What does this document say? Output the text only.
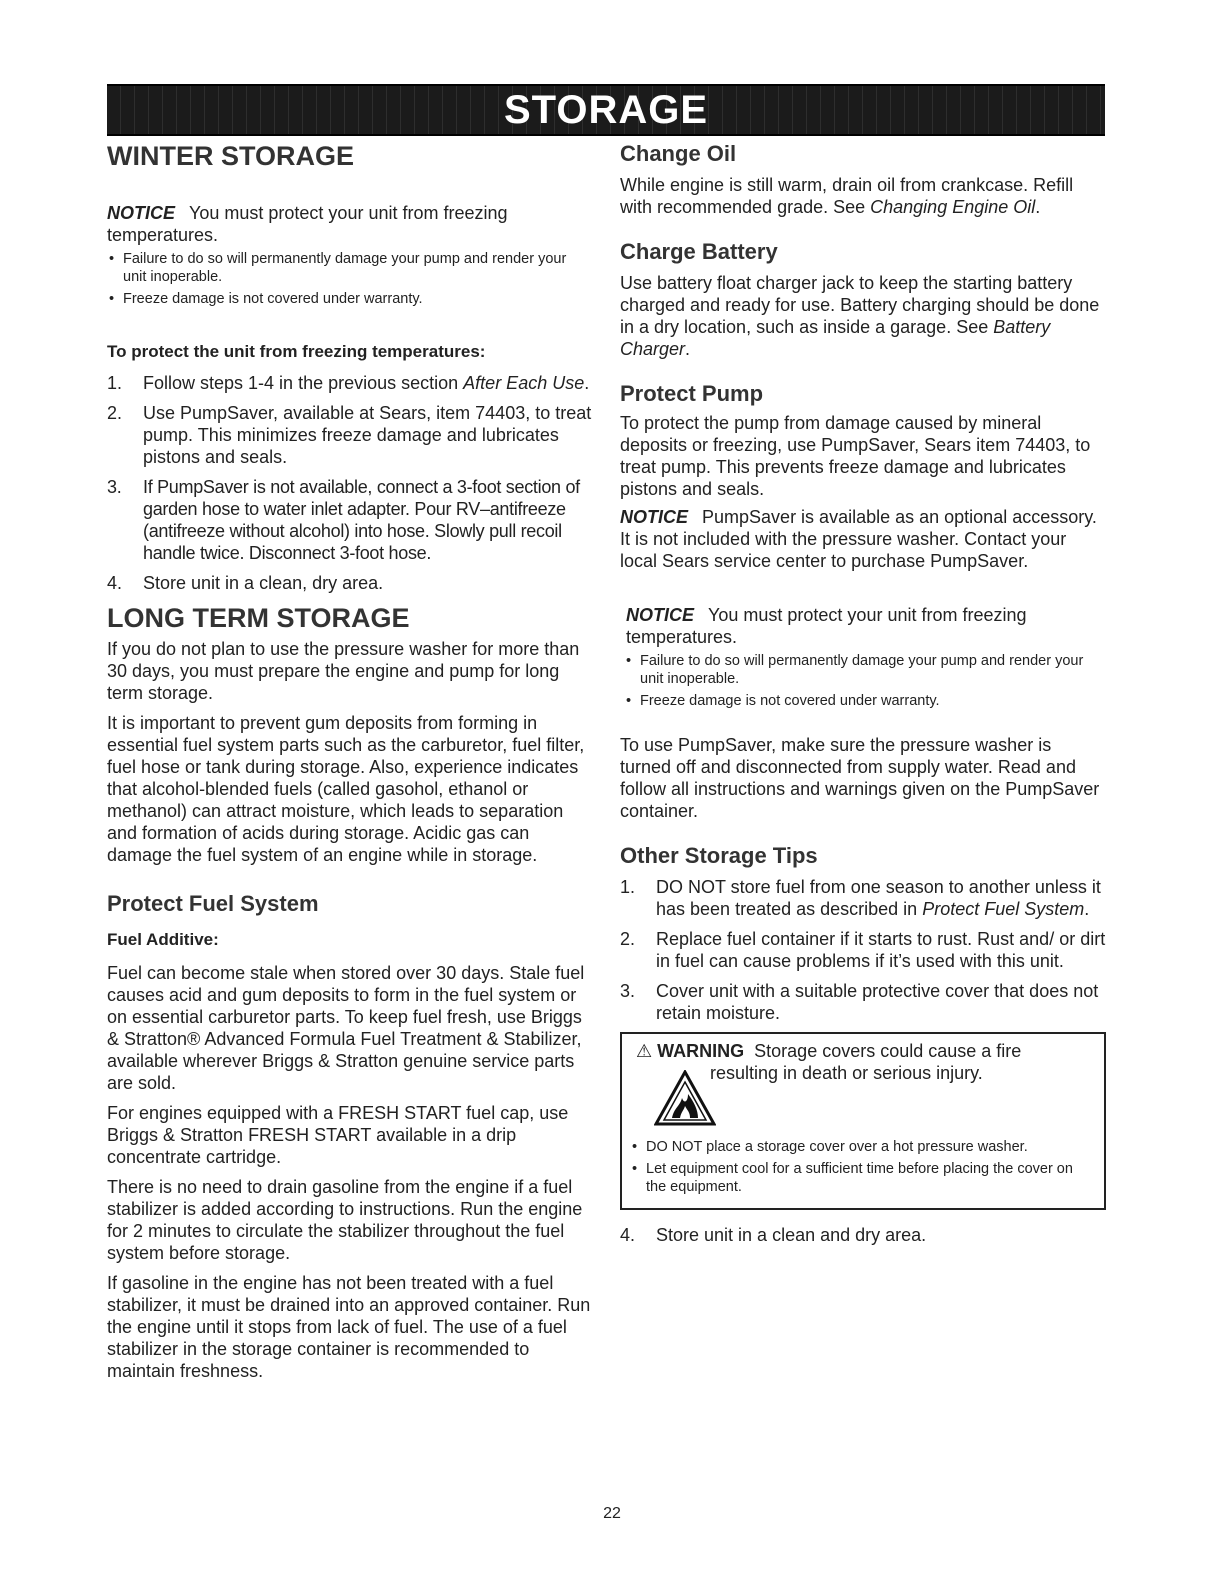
STORAGE
WINTER STORAGE

NOTICE You must protect your unit from freezing temperatures.

• Failure to do so will permanently damage your pump and render your unit inoperable.
• Freeze damage is not covered under warranty.
To protect the unit from freezing temperatures:
1. Follow steps 1-4 in the previous section After Each Use.
2. Use PumpSaver, available at Sears, item 74403, to treat pump. This minimizes freeze damage and lubricates pistons and seals.
3. If PumpSaver is not available, connect a 3-foot section of garden hose to water inlet adapter. Pour RV–antifreeze (antifreeze without alcohol) into hose. Slowly pull recoil handle twice. Disconnect 3-foot hose.
4. Store unit in a clean, dry area.
LONG TERM STORAGE

If you do not plan to use the pressure washer for more than 30 days, you must prepare the engine and pump for long term storage.

It is important to prevent gum deposits from forming in essential fuel system parts such as the carburetor, fuel filter, fuel hose or tank during storage. Also, experience indicates that alcohol-blended fuels (called gasohol, ethanol or methanol) can attract moisture, which leads to separation and formation of acids during storage. Acidic gas can damage the fuel system of an engine while in storage.

Protect Fuel System
Fuel Additive:

Fuel can become stale when stored over 30 days. Stale fuel causes acid and gum deposits to form in the fuel system or on essential carburetor parts. To keep fuel fresh, use Briggs & Stratton® Advanced Formula Fuel Treatment & Stabilizer, available wherever Briggs & Stratton genuine service parts are sold.

For engines equipped with a FRESH START fuel cap, use Briggs & Stratton FRESH START available in a drip concentrate cartridge.

There is no need to drain gasoline from the engine if a fuel stabilizer is added according to instructions. Run the engine for 2 minutes to circulate the stabilizer throughout the fuel system before storage.

If gasoline in the engine has not been treated with a fuel stabilizer, it must be drained into an approved container. Run the engine until it stops from lack of fuel. The use of a fuel stabilizer in the storage container is recommended to maintain freshness.

Change Oil

While engine is still warm, drain oil from crankcase. Refill with recommended grade. See Changing Engine Oil.

Charge Battery

Use battery float charger jack to keep the starting battery charged and ready for use. Battery charging should be done in a dry location, such as inside a garage. See Battery Charger.

Protect Pump

To protect the pump from damage caused by mineral deposits or freezing, use PumpSaver, Sears item 74403, to treat pump. This prevents freeze damage and lubricates pistons and seals.

NOTICE PumpSaver is available as an optional accessory. It is not included with the pressure washer. Contact your local Sears service center to purchase PumpSaver.

NOTICE You must protect your unit from freezing temperatures.

• Failure to do so will permanently damage your pump and render your unit inoperable.
• Freeze damage is not covered under warranty.

To use PumpSaver, make sure the pressure washer is turned off and disconnected from supply water. Read and follow all instructions and warnings given on the PumpSaver container.

Other Storage Tips
1. DO NOT store fuel from one season to another unless it has been treated as described in Protect Fuel System.
2. Replace fuel container if it starts to rust. Rust and/ or dirt in fuel can cause problems if it’s used with this unit.
3. Cover unit with a suitable protective cover that does not retain moisture.
⚠ WARNING Storage covers could cause a fire
resulting in death or serious injury.
• DO NOT place a storage cover over a hot pressure washer.
• Let equipment cool for a sufficient time before placing the cover on the equipment.
4. Store unit in a clean and dry area.
22
